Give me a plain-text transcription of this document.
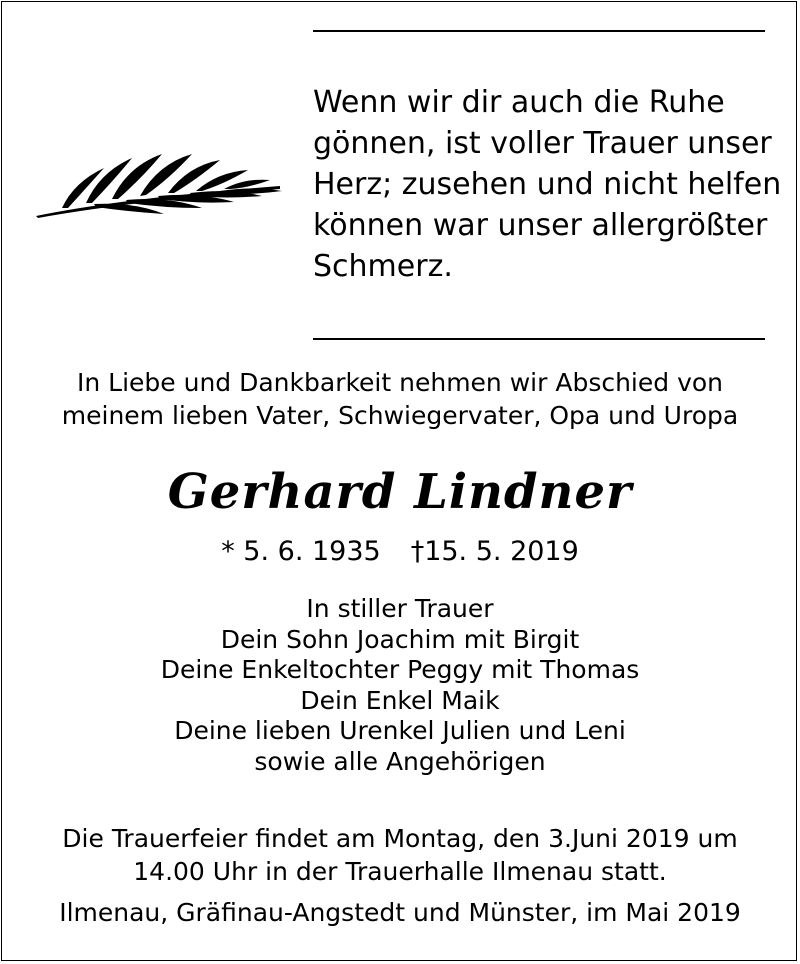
Wenn wir dir auch die Ruhe
gönnen, ist voller Trauer unser
Herz; zusehen und nicht helfen
können war unser allergrößter
Schmerz.

In Liebe und Dankbarkeit nehmen wir Abschied von
meinem lieben Vater, Schwiegervater, Opa und Uropa

Gerhard Lindner

* 5. 6. 1935 †15. 5. 2019

In stiller Trauer
Dein Sohn Joachim mit Birgit
Deine Enkeltochter Peggy mit Thomas
Dein Enkel Maik
Deine lieben Urenkel Julien und Leni
sowie alle Angehörigen

Die Trauerfeier findet am Montag, den 3.Juni 2019 um
14.00 Uhr in der Trauerhalle Ilmenau statt.

Ilmenau, Gräfinau-Angstedt und Münster, im Mai 2019
